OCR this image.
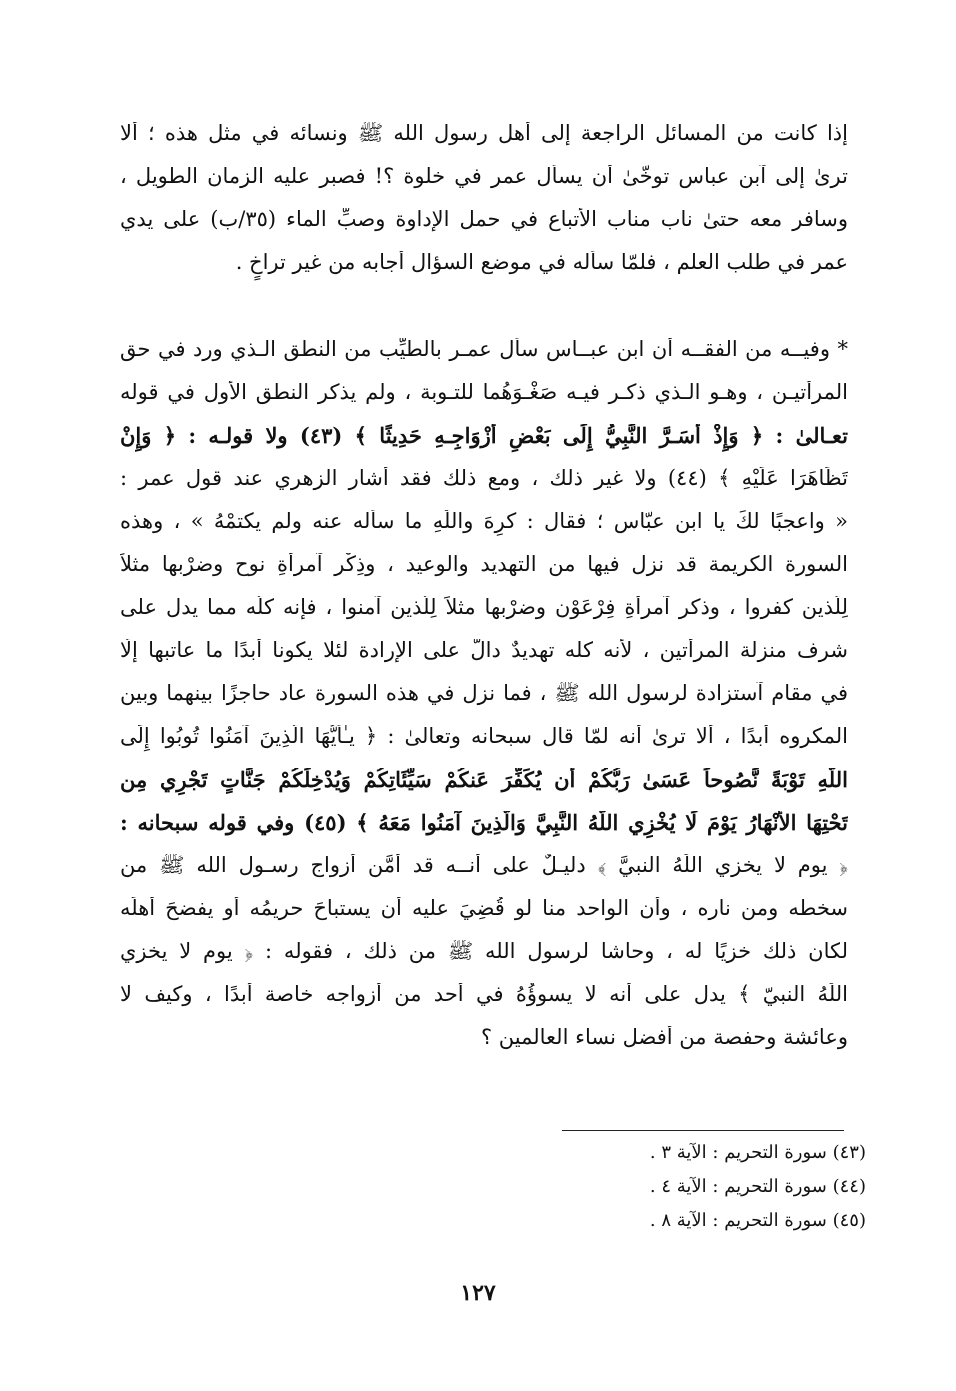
إذا كانت من المسائل الراجعة إلى أهل رسول الله ﷺ ونسائه في مثل هذه ؛ ألا
ترىٰ إلى آبن عباس توخّىٰ أن يسأل عمر في خلوة ؟! فصبر عليه الزمان الطويل ،
وسافر معه حتىٰ ناب مناب الأتباع في حمل الإداوة وصبِّ الماء (٣٥/ب) على يدي
عمر في طلب العلم ، فلمّا سأله في موضع السؤال أجابه من غير تراخٍ .
* وفيــه من الفقــه أن ابن عبــاس سأل عمـر بالطيِّب من النطق الـذي ورد في حق
المرأتيـن ، وهـو الـذي ذكـر فيـه صَغْـوَهُما للتـوبة ، ولم يذكر النطق الأول في قوله
تعـالىٰ : ﴿ وَإِذْ أَسَـرَّ النَّبِيُّ إِلَى بَعْضِ أَزْوَاجِـهِ حَدِيثًا ﴾ (٤٣) ولا قولـه : ﴿ وَإِنْ
تَظَاهَرَا عَلَيْهِ ﴾ (٤٤) ولا غير ذلك ، ومع ذلك فقد أشار الزهري عند قول عمر :
« واعجبًا لكَ يا ابن عبّاس ؛ فقال : كرِهَ واللّٰهِ ما سأله عنه ولم يكتمْهُ » ، وهذه
السورة الكريمة قد نزل فيها من التهديد والوعيد ، وذِكْر آمرأةِ نوح وضرْبها مثلاً
لِلَّذين كفروا ، وذكر آمرأةِ فِرْعَوْن وضرْبها مثلاً لِلَّذين آمنوا ، فإنه كلَّه مما يدل على
شرف منزلة المرأتين ، لأنه كله تهديدٌ دالٌّ على الإرادة لئلا يكونا أبدًا ما عاتبها إلّا
في مقام آستزادة لرسول الله ﷺ ، فما نزل في هذه السورة عاد حاجزًا بينهما وبين
المكروه أبدًا ، ألا ترىٰ أنه لمّا قال سبحانه وتعالىٰ : ﴿ يـٰأَيُّهَا الَّذِينَ آمَنُوا تُوبُوا إِلَى
اللَّهِ تَوْبَةً نَّصُوحاً عَسَىٰ رَبُّكُمْ أَن يُكَفِّرَ عَنكُمْ سَيِّئَاتِكُمْ وَيُدْخِلَكُمْ جَنَّاتٍ تَجْرِي مِن
تَحْتِهَا الأَنْهَارُ يَوْمَ لَا يُخْزِي اللَّهُ النَّبِيَّ وَالَّذِينَ آمَنُوا مَعَهُ ﴾ (٤٥) وفي قوله سبحانه :
﴿ يوم لا يخزي اللّٰهُ النبيَّ ﴾ دليـلٌ على أنــه قد أمَّن أزواج رسـول الله ﷺ من
سخطه ومن ناره ، وأن الواحد منا لو قُضِيَ عليه أن يستباحَ حريمُه أو يفضحَ أهلَه
لكان ذلك خزيًا له ، وحاشا لرسول الله ﷺ من ذلك ، فقوله : ﴿ يوم لا يخزي
اللّٰهُ النبيّ ﴾ يدل على أنه لا يسوؤُهُ في أحد من أزواجه خاصة أبدًا ، وكيف لا
وعائشة وحفصة من أفضل نساء العالمين ؟
(٤٣) سورة التحريم : الآية ٣ .
(٤٤) سورة التحريم : الآية ٤ .
(٤٥) سورة التحريم : الآية ٨ .
١٢٧
